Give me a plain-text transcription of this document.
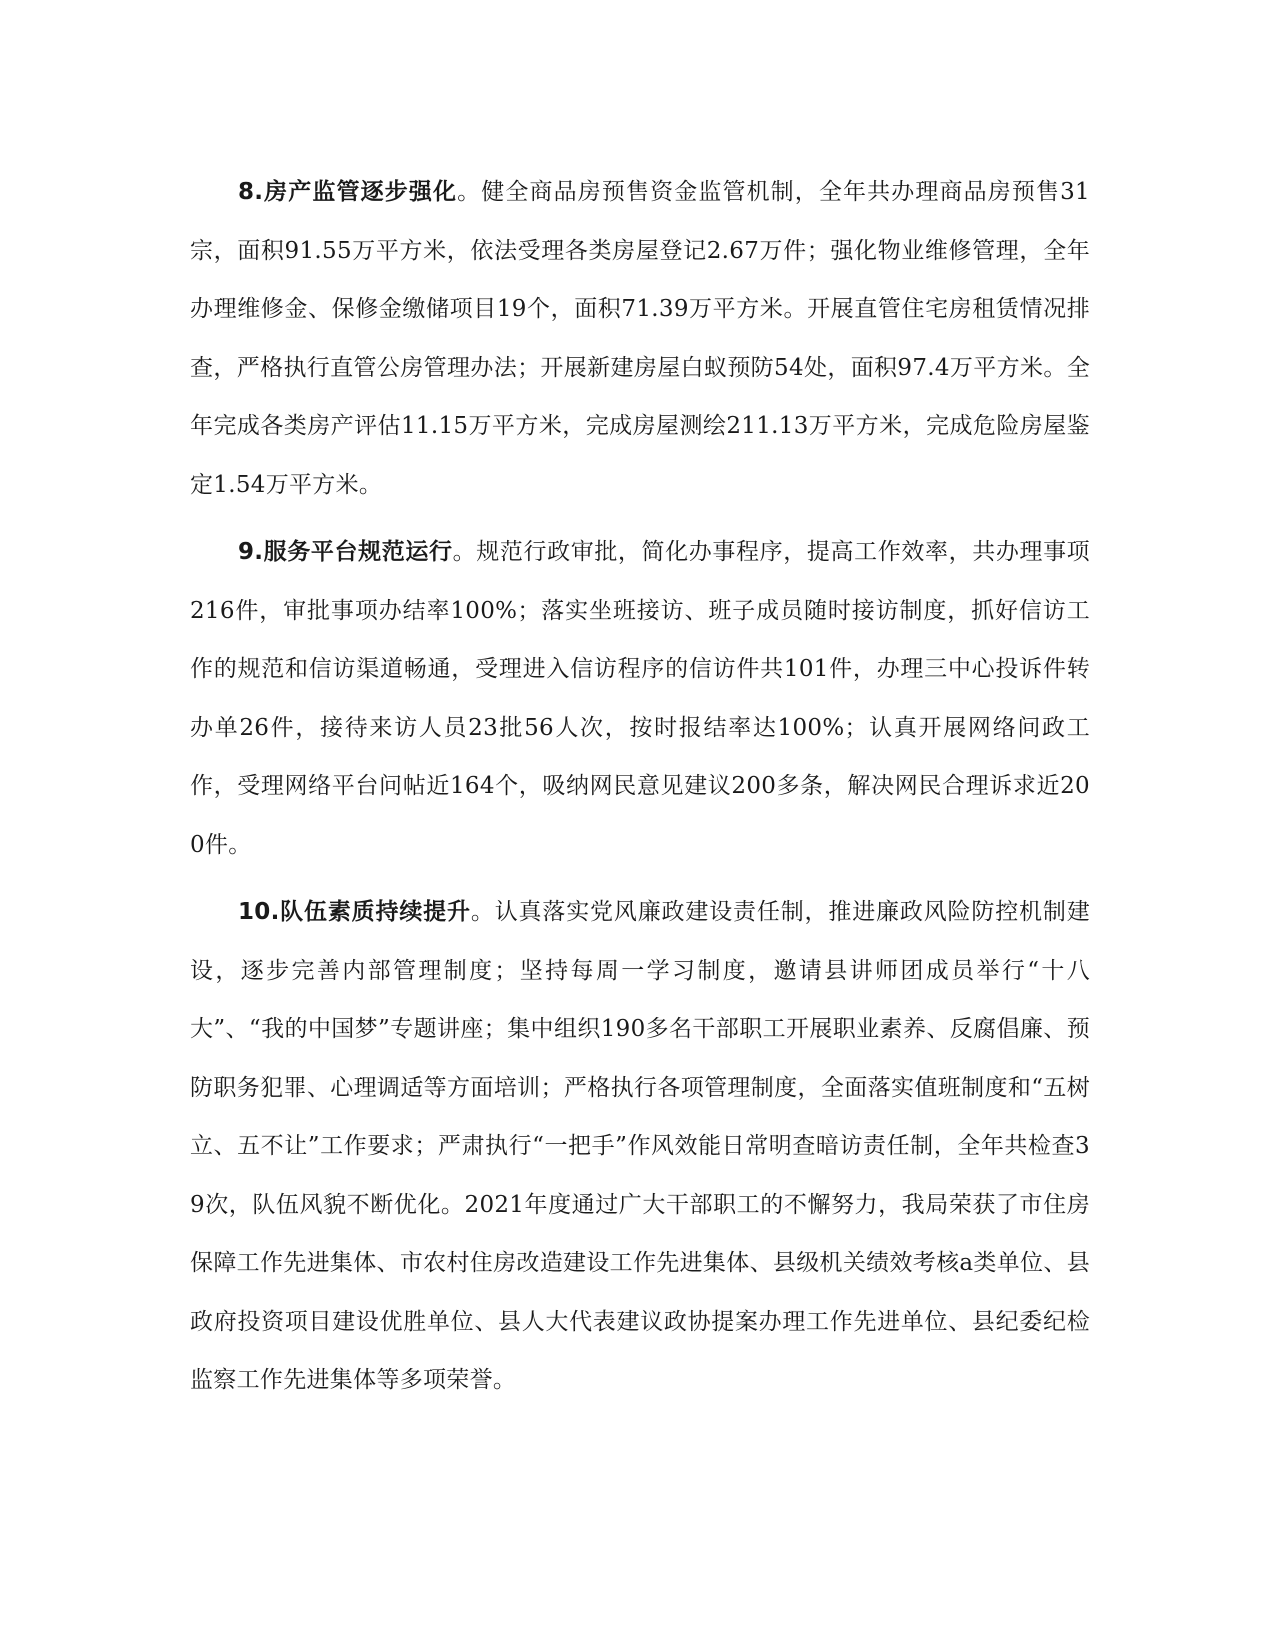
8.房产监管逐步强化。健全商品房预售资金监管机制，全年共办理商品房预售31宗，面积91.55万平方米，依法受理各类房屋登记2.67万件；强化物业维修管理，全年办理维修金、保修金缴储项目19个，面积71.39万平方米。开展直管住宅房租赁情况排查，严格执行直管公房管理办法；开展新建房屋白蚁预防54处，面积97.4万平方米。全年完成各类房产评估11.15万平方米，完成房屋测绘211.13万平方米，完成危险房屋鉴定1.54万平方米。

9.服务平台规范运行。规范行政审批，简化办事程序，提高工作效率，共办理事项216件，审批事项办结率100%；落实坐班接访、班子成员随时接访制度，抓好信访工作的规范和信访渠道畅通，受理进入信访程序的信访件共101件，办理三中心投诉件转办单26件，接待来访人员23批56人次，按时报结率达100%；认真开展网络问政工作，受理网络平台问帖近164个，吸纳网民意见建议200多条，解决网民合理诉求近200件。

10.队伍素质持续提升。认真落实党风廉政建设责任制，推进廉政风险防控机制建设，逐步完善内部管理制度；坚持每周一学习制度，邀请县讲师团成员举行“十八大”、“我的中国梦”专题讲座；集中组织190多名干部职工开展职业素养、反腐倡廉、预防职务犯罪、心理调适等方面培训；严格执行各项管理制度，全面落实值班制度和“五树立、五不让”工作要求；严肃执行“一把手”作风效能日常明查暗访责任制，全年共检查39次，队伍风貌不断优化。2021年度通过广大干部职工的不懈努力，我局荣获了市住房保障工作先进集体、市农村住房改造建设工作先进集体、县级机关绩效考核a类单位、县政府投资项目建设优胜单位、县人大代表建议政协提案办理工作先进单位、县纪委纪检监察工作先进集体等多项荣誉。
